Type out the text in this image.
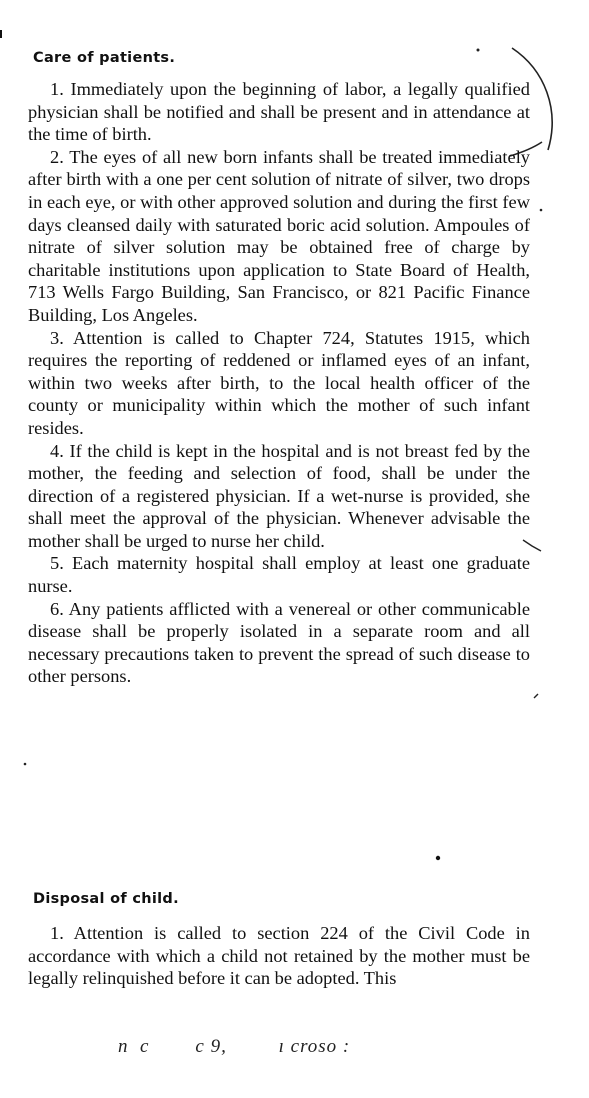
Care of patients.

1. Immediately upon the beginning of labor, a legally qualified physician shall be notified and shall be present and in attendance at the time of birth.

2. The eyes of all new born infants shall be treated immediately after birth with a one per cent solution of nitrate of silver, two drops in each eye, or with other approved solution and during the first few days cleansed daily with saturated boric acid solution. Ampoules of nitrate of silver solution may be obtained free of charge by charitable institutions upon application to State Board of Health, 713 Wells Fargo Building, San Francisco, or 821 Pacific Finance Building, Los Angeles.

3. Attention is called to Chapter 724, Statutes 1915, which requires the reporting of reddened or inflamed eyes of an infant, within two weeks after birth, to the local health officer of the county or municipality within which the mother of such infant resides.

4. If the child is kept in the hospital and is not breast fed by the mother, the feeding and selection of food, shall be under the direction of a registered physician. If a wet-nurse is provided, she shall meet the approval of the physician. Whenever advisable the mother shall be urged to nurse her child.

5. Each maternity hospital shall employ at least one graduate nurse.

6. Any patients afflicted with a venereal or other communicable disease shall be properly isolated in a separate room and all necessary precautions taken to prevent the spread of such disease to other persons.

Disposal of child.

1. Attention is called to section 224 of the Civil Code in accordance with which a child not retained by the mother must be legally relinquished before it can be adopted. This

n  c        c 9,         ı croso :
